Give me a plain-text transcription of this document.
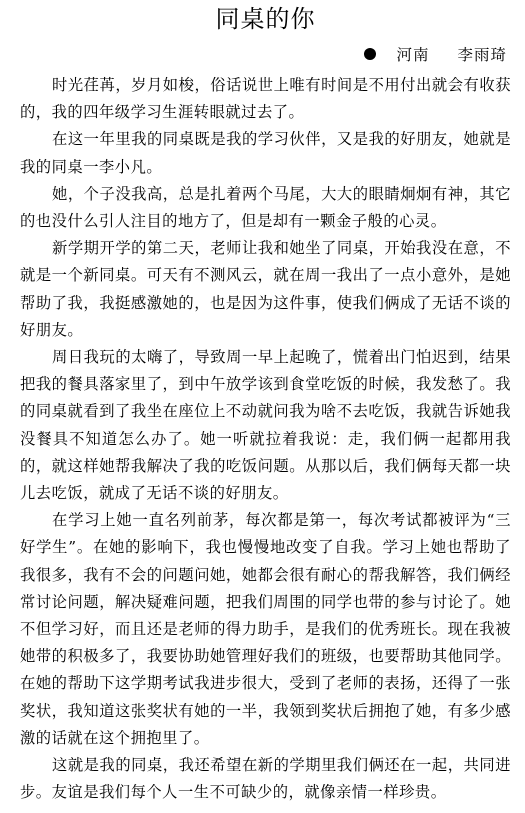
同桌的你
河南 李雨琦

时光荏苒，岁月如梭，俗话说世上唯有时间是不用付出就会有收获的，我的四年级学习生涯转眼就过去了。

在这一年里我的同桌既是我的学习伙伴，又是我的好朋友，她就是我的同桌一李小凡。

她，个子没我高，总是扎着两个马尾，大大的眼睛炯炯有神，其它的也没什么引人注目的地方了，但是却有一颗金子般的心灵。

新学期开学的第二天，老师让我和她坐了同桌，开始我没在意，不就是一个新同桌。可天有不测风云，就在周一我出了一点小意外，是她帮助了我，我挺感激她的，也是因为这件事，使我们俩成了无话不谈的好朋友。

周日我玩的太嗨了，导致周一早上起晚了，慌着出门怕迟到，结果把我的餐具落家里了，到中午放学该到食堂吃饭的时候，我发愁了。我的同桌就看到了我坐在座位上不动就问我为啥不去吃饭，我就告诉她我没餐具不知道怎么办了。她一听就拉着我说：走，我们俩一起都用我的，就这样她帮我解决了我的吃饭问题。从那以后，我们俩每天都一块儿去吃饭，就成了无话不谈的好朋友。

在学习上她一直名列前茅，每次都是第一，每次考试都被评为“三好学生”。在她的影响下，我也慢慢地改变了自我。学习上她也帮助了我很多，我有不会的问题问她，她都会很有耐心的帮我解答，我们俩经常讨论问题，解决疑难问题，把我们周围的同学也带的参与讨论了。她不但学习好，而且还是老师的得力助手，是我们的优秀班长。现在我被她带的积极多了，我要协助她管理好我们的班级，也要帮助其他同学。在她的帮助下这学期考试我进步很大，受到了老师的表扬，还得了一张奖状，我知道这张奖状有她的一半，我领到奖状后拥抱了她，有多少感激的话就在这个拥抱里了。

这就是我的同桌，我还希望在新的学期里我们俩还在一起，共同进步。友谊是我们每个人一生不可缺少的，就像亲情一样珍贵。
